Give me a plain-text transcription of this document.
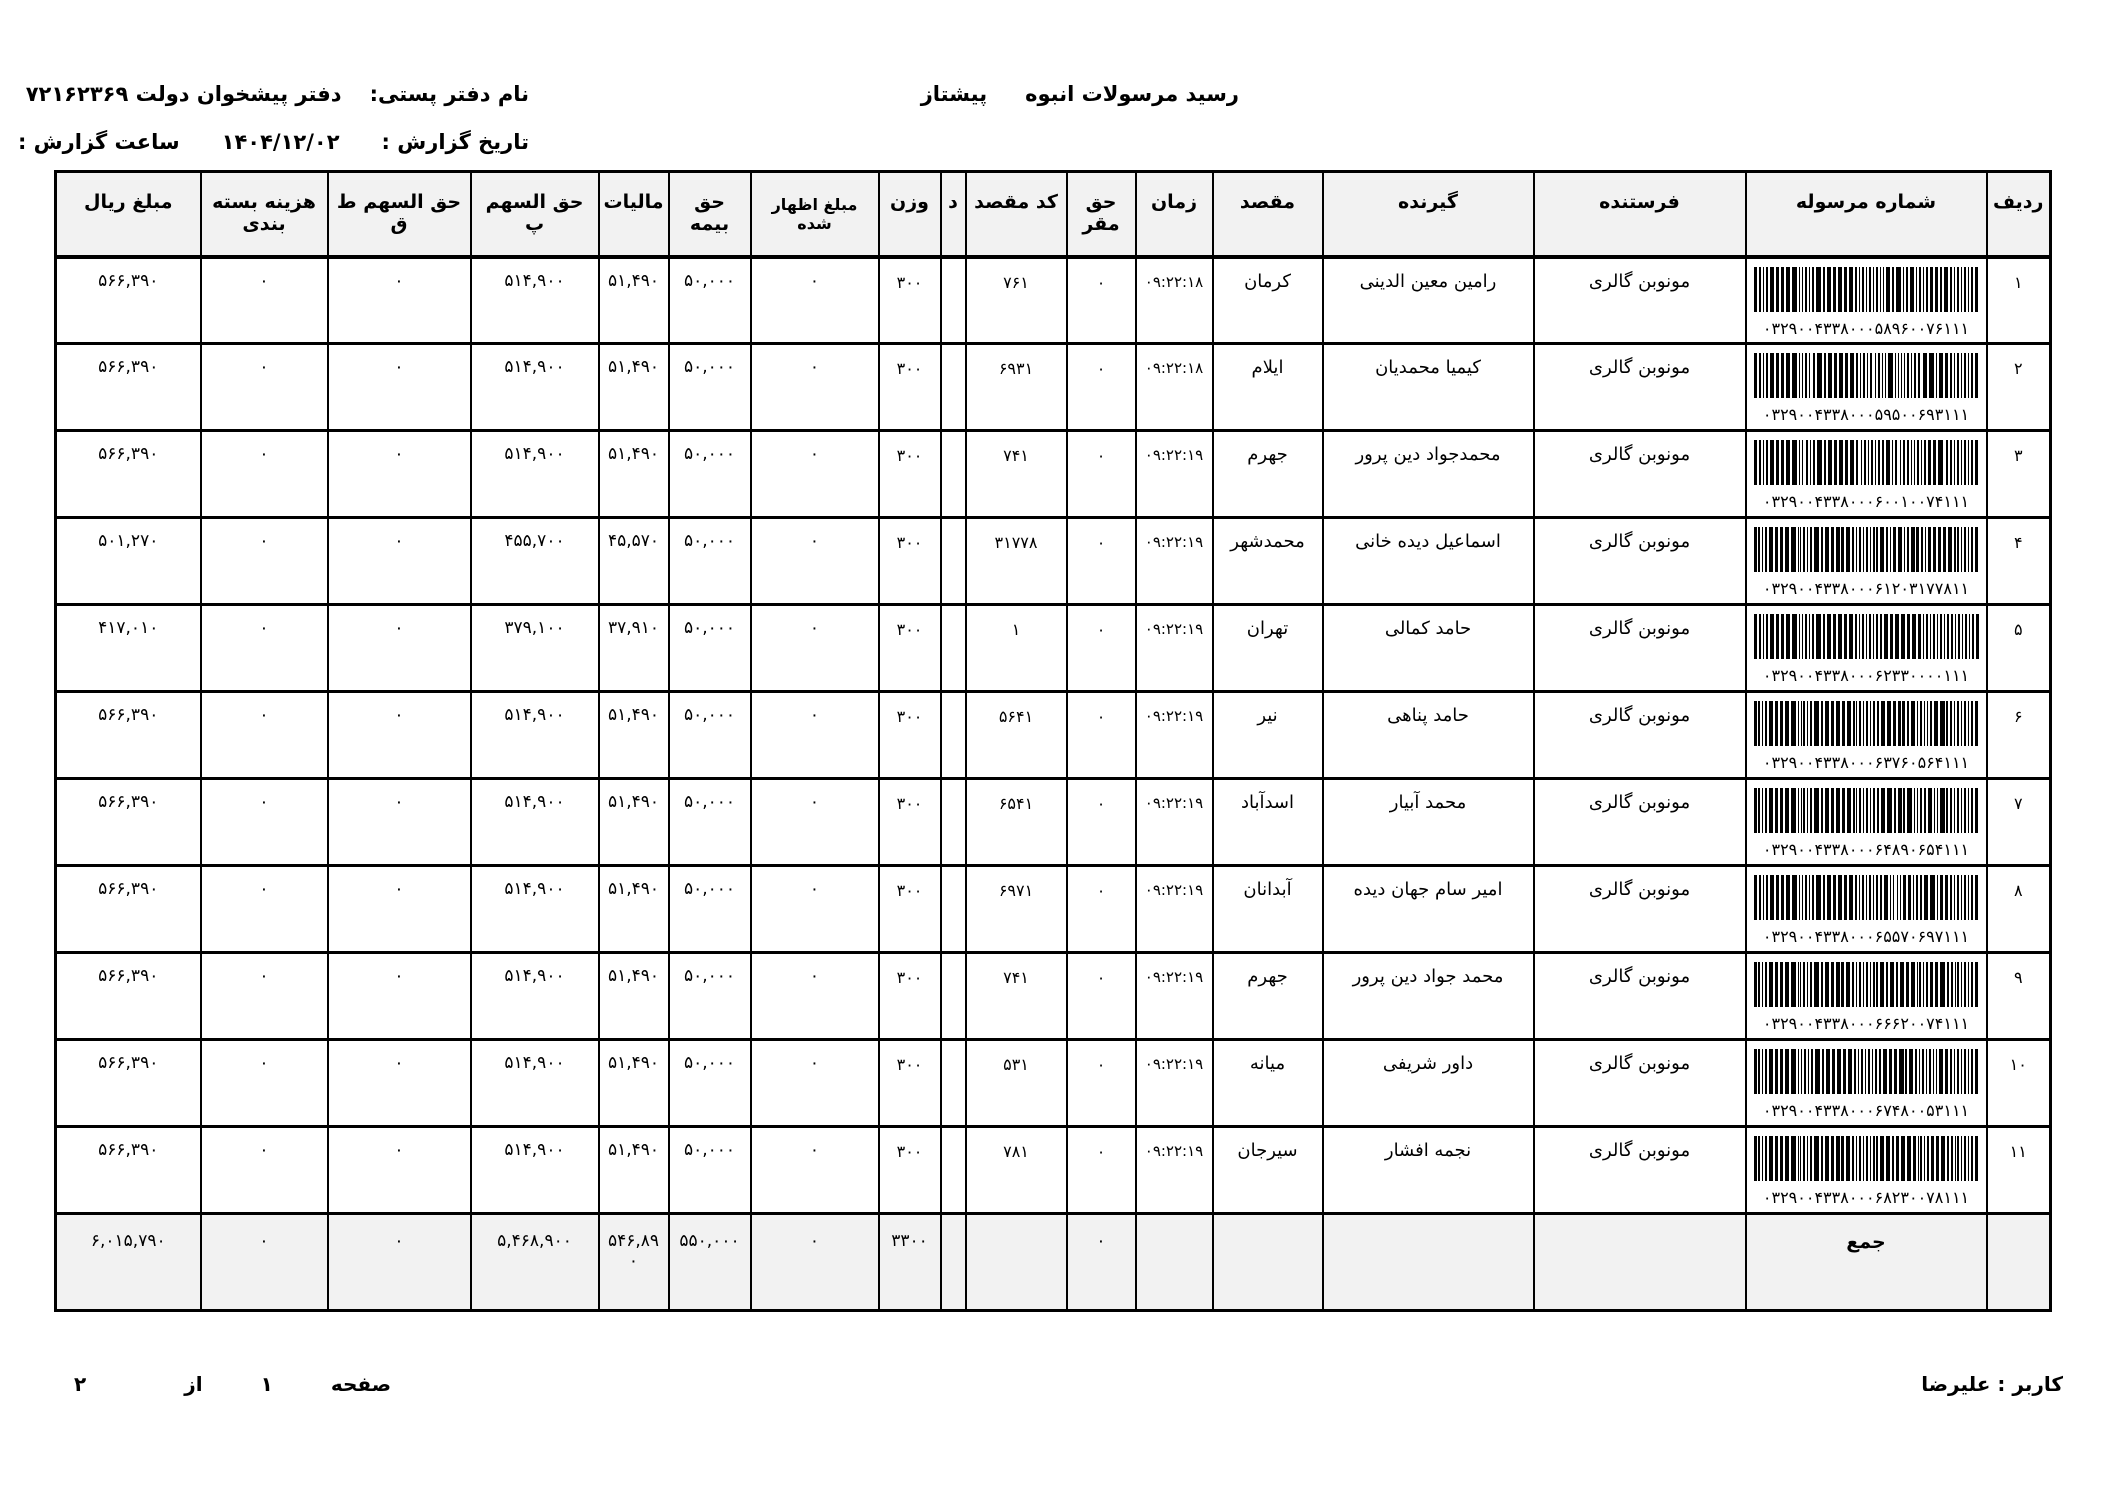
رسید مرسولات انبوه
پیشتاز
نام دفتر پستی:
دفتر پیشخوان دولت ۷۲۱۶۲۳۶۹
تاریخ گزارش :
۱۴۰۴/۱۲/۰۲
ساعت گزارش :
ردیف	شماره مرسوله	فرستنده	گیرنده	مقصد	زمان	حق مقر	کد مقصد	د	وزن	مبلغ اظهار شده	حق بیمه	مالیات	حق السهم پ	حق السهم ط ق	هزینه بسته بندی	مبلغ ریال
۱	۰۳۲۹۰۰۴۳۳۸۰۰۰۵۸۹۶۰۰۷۶۱۱۱	مونوبن گالری	رامین معین الدینی	کرمان	۰۹:۲۲:۱۸	۰	۷۶۱		۳۰۰	۰	۵۰,۰۰۰	۵۱,۴۹۰	۵۱۴,۹۰۰	۰	۰	۵۶۶,۳۹۰
۲	۰۳۲۹۰۰۴۳۳۸۰۰۰۵۹۵۰۰۶۹۳۱۱۱	مونوبن گالری	کیمیا محمدیان	ایلام	۰۹:۲۲:۱۸	۰	۶۹۳۱		۳۰۰	۰	۵۰,۰۰۰	۵۱,۴۹۰	۵۱۴,۹۰۰	۰	۰	۵۶۶,۳۹۰
۳	۰۳۲۹۰۰۴۳۳۸۰۰۰۶۰۰۱۰۰۷۴۱۱۱	مونوبن گالری	محمدجواد دین پرور	جهرم	۰۹:۲۲:۱۹	۰	۷۴۱		۳۰۰	۰	۵۰,۰۰۰	۵۱,۴۹۰	۵۱۴,۹۰۰	۰	۰	۵۶۶,۳۹۰
۴	۰۳۲۹۰۰۴۳۳۸۰۰۰۶۱۲۰۳۱۷۷۸۱۱	مونوبن گالری	اسماعیل دیده خانی	محمدشهر	۰۹:۲۲:۱۹	۰	۳۱۷۷۸		۳۰۰	۰	۵۰,۰۰۰	۴۵,۵۷۰	۴۵۵,۷۰۰	۰	۰	۵۰۱,۲۷۰
۵	۰۳۲۹۰۰۴۳۳۸۰۰۰۶۲۳۳۰۰۰۰۱۱۱	مونوبن گالری	حامد کمالی	تهران	۰۹:۲۲:۱۹	۰	۱		۳۰۰	۰	۵۰,۰۰۰	۳۷,۹۱۰	۳۷۹,۱۰۰	۰	۰	۴۱۷,۰۱۰
۶	۰۳۲۹۰۰۴۳۳۸۰۰۰۶۳۷۶۰۵۶۴۱۱۱	مونوبن گالری	حامد پناهی	نیر	۰۹:۲۲:۱۹	۰	۵۶۴۱		۳۰۰	۰	۵۰,۰۰۰	۵۱,۴۹۰	۵۱۴,۹۰۰	۰	۰	۵۶۶,۳۹۰
۷	۰۳۲۹۰۰۴۳۳۸۰۰۰۶۴۸۹۰۶۵۴۱۱۱	مونوبن گالری	محمد آبیار	اسدآباد	۰۹:۲۲:۱۹	۰	۶۵۴۱		۳۰۰	۰	۵۰,۰۰۰	۵۱,۴۹۰	۵۱۴,۹۰۰	۰	۰	۵۶۶,۳۹۰
۸	۰۳۲۹۰۰۴۳۳۸۰۰۰۶۵۵۷۰۶۹۷۱۱۱	مونوبن گالری	امیر سام جهان دیده	آبدانان	۰۹:۲۲:۱۹	۰	۶۹۷۱		۳۰۰	۰	۵۰,۰۰۰	۵۱,۴۹۰	۵۱۴,۹۰۰	۰	۰	۵۶۶,۳۹۰
۹	۰۳۲۹۰۰۴۳۳۸۰۰۰۶۶۶۲۰۰۷۴۱۱۱	مونوبن گالری	محمد جواد دین پرور	جهرم	۰۹:۲۲:۱۹	۰	۷۴۱		۳۰۰	۰	۵۰,۰۰۰	۵۱,۴۹۰	۵۱۴,۹۰۰	۰	۰	۵۶۶,۳۹۰
۱۰	۰۳۲۹۰۰۴۳۳۸۰۰۰۶۷۴۸۰۰۵۳۱۱۱	مونوبن گالری	داور شریفی	میانه	۰۹:۲۲:۱۹	۰	۵۳۱		۳۰۰	۰	۵۰,۰۰۰	۵۱,۴۹۰	۵۱۴,۹۰۰	۰	۰	۵۶۶,۳۹۰
۱۱	۰۳۲۹۰۰۴۳۳۸۰۰۰۶۸۲۳۰۰۷۸۱۱۱	مونوبن گالری	نجمه افشار	سیرجان	۰۹:۲۲:۱۹	۰	۷۸۱		۳۰۰	۰	۵۰,۰۰۰	۵۱,۴۹۰	۵۱۴,۹۰۰	۰	۰	۵۶۶,۳۹۰
	جمع					۰			۳۳۰۰	۰	۵۵۰,۰۰۰	۵۴۶,۸۹۰	۵,۴۶۸,۹۰۰	۰	۰	۶,۰۱۵,۷۹۰
کاربر : علیرضا
صفحه
۱
از
۲
